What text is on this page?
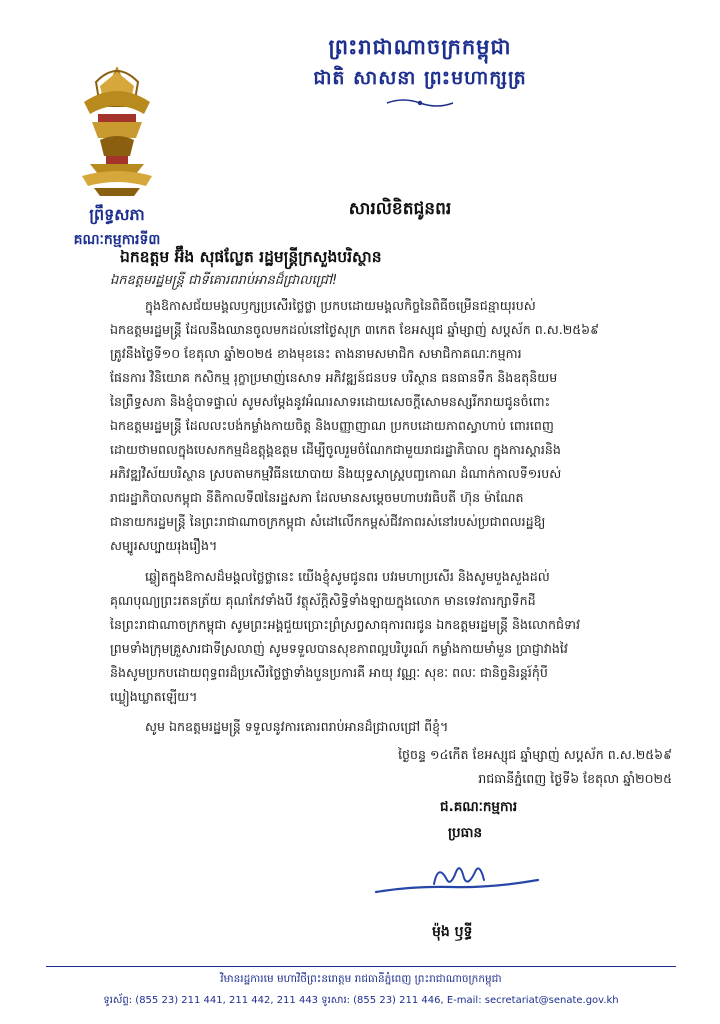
ព្រះរាជាណាចក្រកម្ពុជា
ជាតិ សាសនា ព្រះមហាក្សត្រ
ព្រឹទ្ធសភា
គណៈកម្មការទី៣
សារលិខិតជូនពរ
ឯកឧត្តម អ៊ឹង សុផល្លែត រដ្ឋមន្ត្រីក្រសួងបរិស្ថាន
ឯកឧត្តមរដ្ឋមន្ត្រី ជាទីគោរពរាប់អានដ៏ជ្រាលជ្រៅ!
ក្នុងឱកាសជ័យមង្គលឫក្សប្រសើរថ្លៃថ្លា ប្រកបដោយមង្គលកិច្ចនៃពិធីចម្រើនជន្មាយុរបស់
ឯកឧត្តមរដ្ឋមន្ត្រី ដែលនឹងឈានចូលមកដល់នៅថ្ងៃសុក្រ ៣កេត ខែអស្សុជ ឆ្នាំម្សាញ់ សប្តស័ក ព.ស.២៥៦៩
ត្រូវនឹងថ្ងៃទី១០ ខែតុលា ឆ្នាំ២០២៥ ខាងមុខនេះ តាងនាមសមាជិក សមាជិកាគណៈកម្មការ
ផែនការ វិនិយោគ កសិកម្ម រុក្ខាប្រមាញ់នេសាទ អភិវឌ្ឍន៍ជនបទ បរិស្ថាន ធនធានទឹក និងឧតុនិយម
នៃព្រឹទ្ធសភា និងខ្ញុំបាទផ្ទាល់ សូមសម្តែងនូវអំណរសាទរដោយសេចក្តីសោមនស្សរីករាយជូនចំពោះ
ឯកឧត្តមរដ្ឋមន្ត្រី ដែលលះបង់កម្លាំងកាយចិត្ត និងបញ្ញាញាណ ប្រកបដោយភាពស្វាហាប់ ពោរពេញ
ដោយថាមពលក្នុងបេសកកម្មដ៏ឧត្តុង្គឧត្តម ដើម្បីចូលរួមចំណែកជាមួយរាជរដ្ឋាភិបាល ក្នុងការស្តារនិង
អភិវឌ្ឍវិស័យបរិស្ថាន ស្របតាមកម្មវិធីនយោបាយ និងយុទ្ធសាស្ត្របញ្ចកោណ ដំណាក់កាលទី១របស់
រាជរដ្ឋាភិបាលកម្ពុជា នីតិកាលទី៧នៃរដ្ឋសភា ដែលមានសម្តេចមហាបវរធិបតី ហ៊ុន ម៉ាណែត
ជានាយករដ្ឋមន្ត្រី នៃព្រះរាជាណាចក្រកម្ពុជា សំដៅលើកកម្ពស់ជីវភាពរស់នៅរបស់ប្រជាពលរដ្ឋឱ្យ
សម្បូរសប្បាយរុងរឿង។
ឆ្លៀតក្នុងឱកាសដ៏មង្គលថ្លៃថ្លានេះ យើងខ្ញុំសូមជូនពរ បវរមហាប្រសើរ និងសូមបួងសួងដល់
គុណបុណ្យព្រះរតនត្រ័យ គុណកែវទាំងបី វត្ថុស័ក្តិសិទ្ធិទាំងឡាយក្នុងលោក មានទេវតារក្សាទឹកដី
នៃព្រះរាជាណាចក្រកម្ពុជា សូមព្រះអង្គជួយប្រោះព្រំស្រព្វសាធុការពរជូន ឯកឧត្តមរដ្ឋមន្ត្រី និងលោកជំទាវ
ព្រមទាំងក្រុមគ្រួសារជាទីស្រលាញ់ សូមទទួលបានសុខភាពល្អបរិបូរណ៍ កម្លាំងកាយមាំមួន ប្រាជ្ញាវាងវៃ
និងសូមប្រកបដោយពុទ្ធពរដ៏ប្រសើរថ្លៃថ្លាទាំងបួនប្រការគឺ អាយុ វណ្ណៈ សុខៈ ពលៈ ជានិច្ចនិរន្តរ៍កុំបី
ឃ្លៀងឃ្លាតឡើយ។
សូម ឯកឧត្តមរដ្ឋមន្ត្រី ទទួលនូវការគោរពរាប់អានដ៏ជ្រាលជ្រៅ ពីខ្ញុំ។
ថ្ងៃចន្ទ ១៤កើត ខែអស្សុជ ឆ្នាំម្សាញ់ សប្តស័ក ព.ស.២៥៦៩
រាជធានីភ្នំពេញ ថ្ងៃទី៦ ខែតុលា ឆ្នាំ២០២៥
ជ.គណៈកម្មការ
ប្រធាន
ម៉ុង ឫទ្ធី
វិមានរដ្ឋការមេ មហាវិថីព្រះនរោត្តម រាជធានីភ្នំពេញ ព្រះរាជាណាចក្រកម្ពុជា
ទូរស័ព្ទ: (855 23) 211 441, 211 442, 211 443 ទូរសារ: (855 23) 211 446, E-mail: secretariat@senate.gov.kh
